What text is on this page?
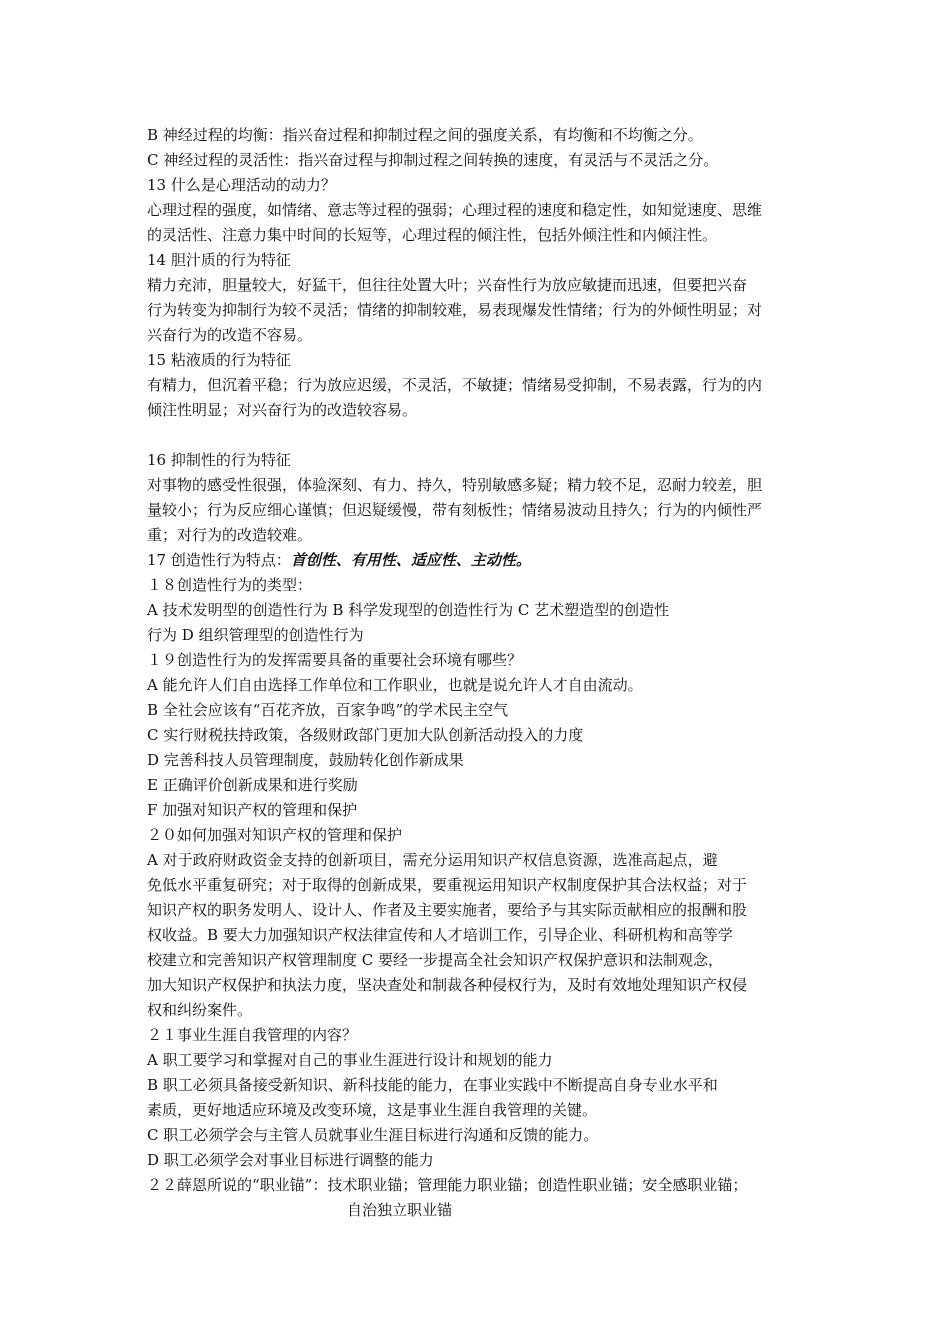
B 神经过程的均衡：指兴奋过程和抑制过程之间的强度关系，有均衡和不均衡之分。
C 神经过程的灵活性：指兴奋过程与抑制过程之间转换的速度，有灵活与不灵活之分。
13 什么是心理活动的动力？
心理过程的强度，如情绪、意志等过程的强弱；心理过程的速度和稳定性，如知觉速度、思维
的灵活性、注意力集中时间的长短等，心理过程的倾注性，包括外倾注性和内倾注性。
14 胆汁质的行为特征
精力充沛，胆量较大，好猛干，但往往处置大叶；兴奋性行为放应敏捷而迅速，但要把兴奋
行为转变为抑制行为较不灵活；情绪的抑制较难，易表现爆发性情绪；行为的外倾性明显；对
兴奋行为的改造不容易。
15 粘液质的行为特征
有精力，但沉着平稳；行为放应迟缓，不灵活，不敏捷；情绪易受抑制，不易表露，行为的内
倾注性明显；对兴奋行为的改造较容易。
16 抑制性的行为特征
对事物的感受性很强，体验深刻、有力、持久，特别敏感多疑；精力较不足，忍耐力较差，胆
量较小；行为反应细心谨慎；但迟疑缓慢，带有刻板性；情绪易波动且持久；行为的内倾性严
重；对行为的改造较难。
17 创造性行为特点：首创性、有用性、适应性、主动性。
１８创造性行为的类型：
A 技术发明型的创造性行为 B 科学发现型的创造性行为 C 艺术塑造型的创造性
行为 D 组织管理型的创造性行为
１９创造性行为的发挥需要具备的重要社会环境有哪些？
A 能允许人们自由选择工作单位和工作职业，也就是说允许人才自由流动。
B 全社会应该有“百花齐放，百家争鸣”的学术民主空气
C 实行财税扶持政策，各级财政部门更加大队创新活动投入的力度
D 完善科技人员管理制度，鼓励转化创作新成果
E 正确评价创新成果和进行奖励
F 加强对知识产权的管理和保护
２０如何加强对知识产权的管理和保护
A 对于政府财政资金支持的创新项目，需充分运用知识产权信息资源，选准高起点，避
免低水平重复研究；对于取得的创新成果，要重视运用知识产权制度保护其合法权益；对于
知识产权的职务发明人、设计人、作者及主要实施者，要给予与其实际贡献相应的报酬和股
权收益。B 要大力加强知识产权法律宣传和人才培训工作，引导企业、科研机构和高等学
校建立和完善知识产权管理制度 C 要经一步提高全社会知识产权保护意识和法制观念，
加大知识产权保护和执法力度，坚决查处和制裁各种侵权行为，及时有效地处理知识产权侵
权和纠纷案件。
２１事业生涯自我管理的内容？
A 职工要学习和掌握对自己的事业生涯进行设计和规划的能力
B 职工必须具备接受新知识、新科技能的能力，在事业实践中不断提高自身专业水平和
素质，更好地适应环境及改变环境，这是事业生涯自我管理的关键。
C 职工必须学会与主管人员就事业生涯目标进行沟通和反馈的能力。
D 职工必须学会对事业目标进行调整的能力
２２薛恩所说的“职业锚”：技术职业锚；管理能力职业锚；创造性职业锚；安全感职业锚；
自治独立职业锚
